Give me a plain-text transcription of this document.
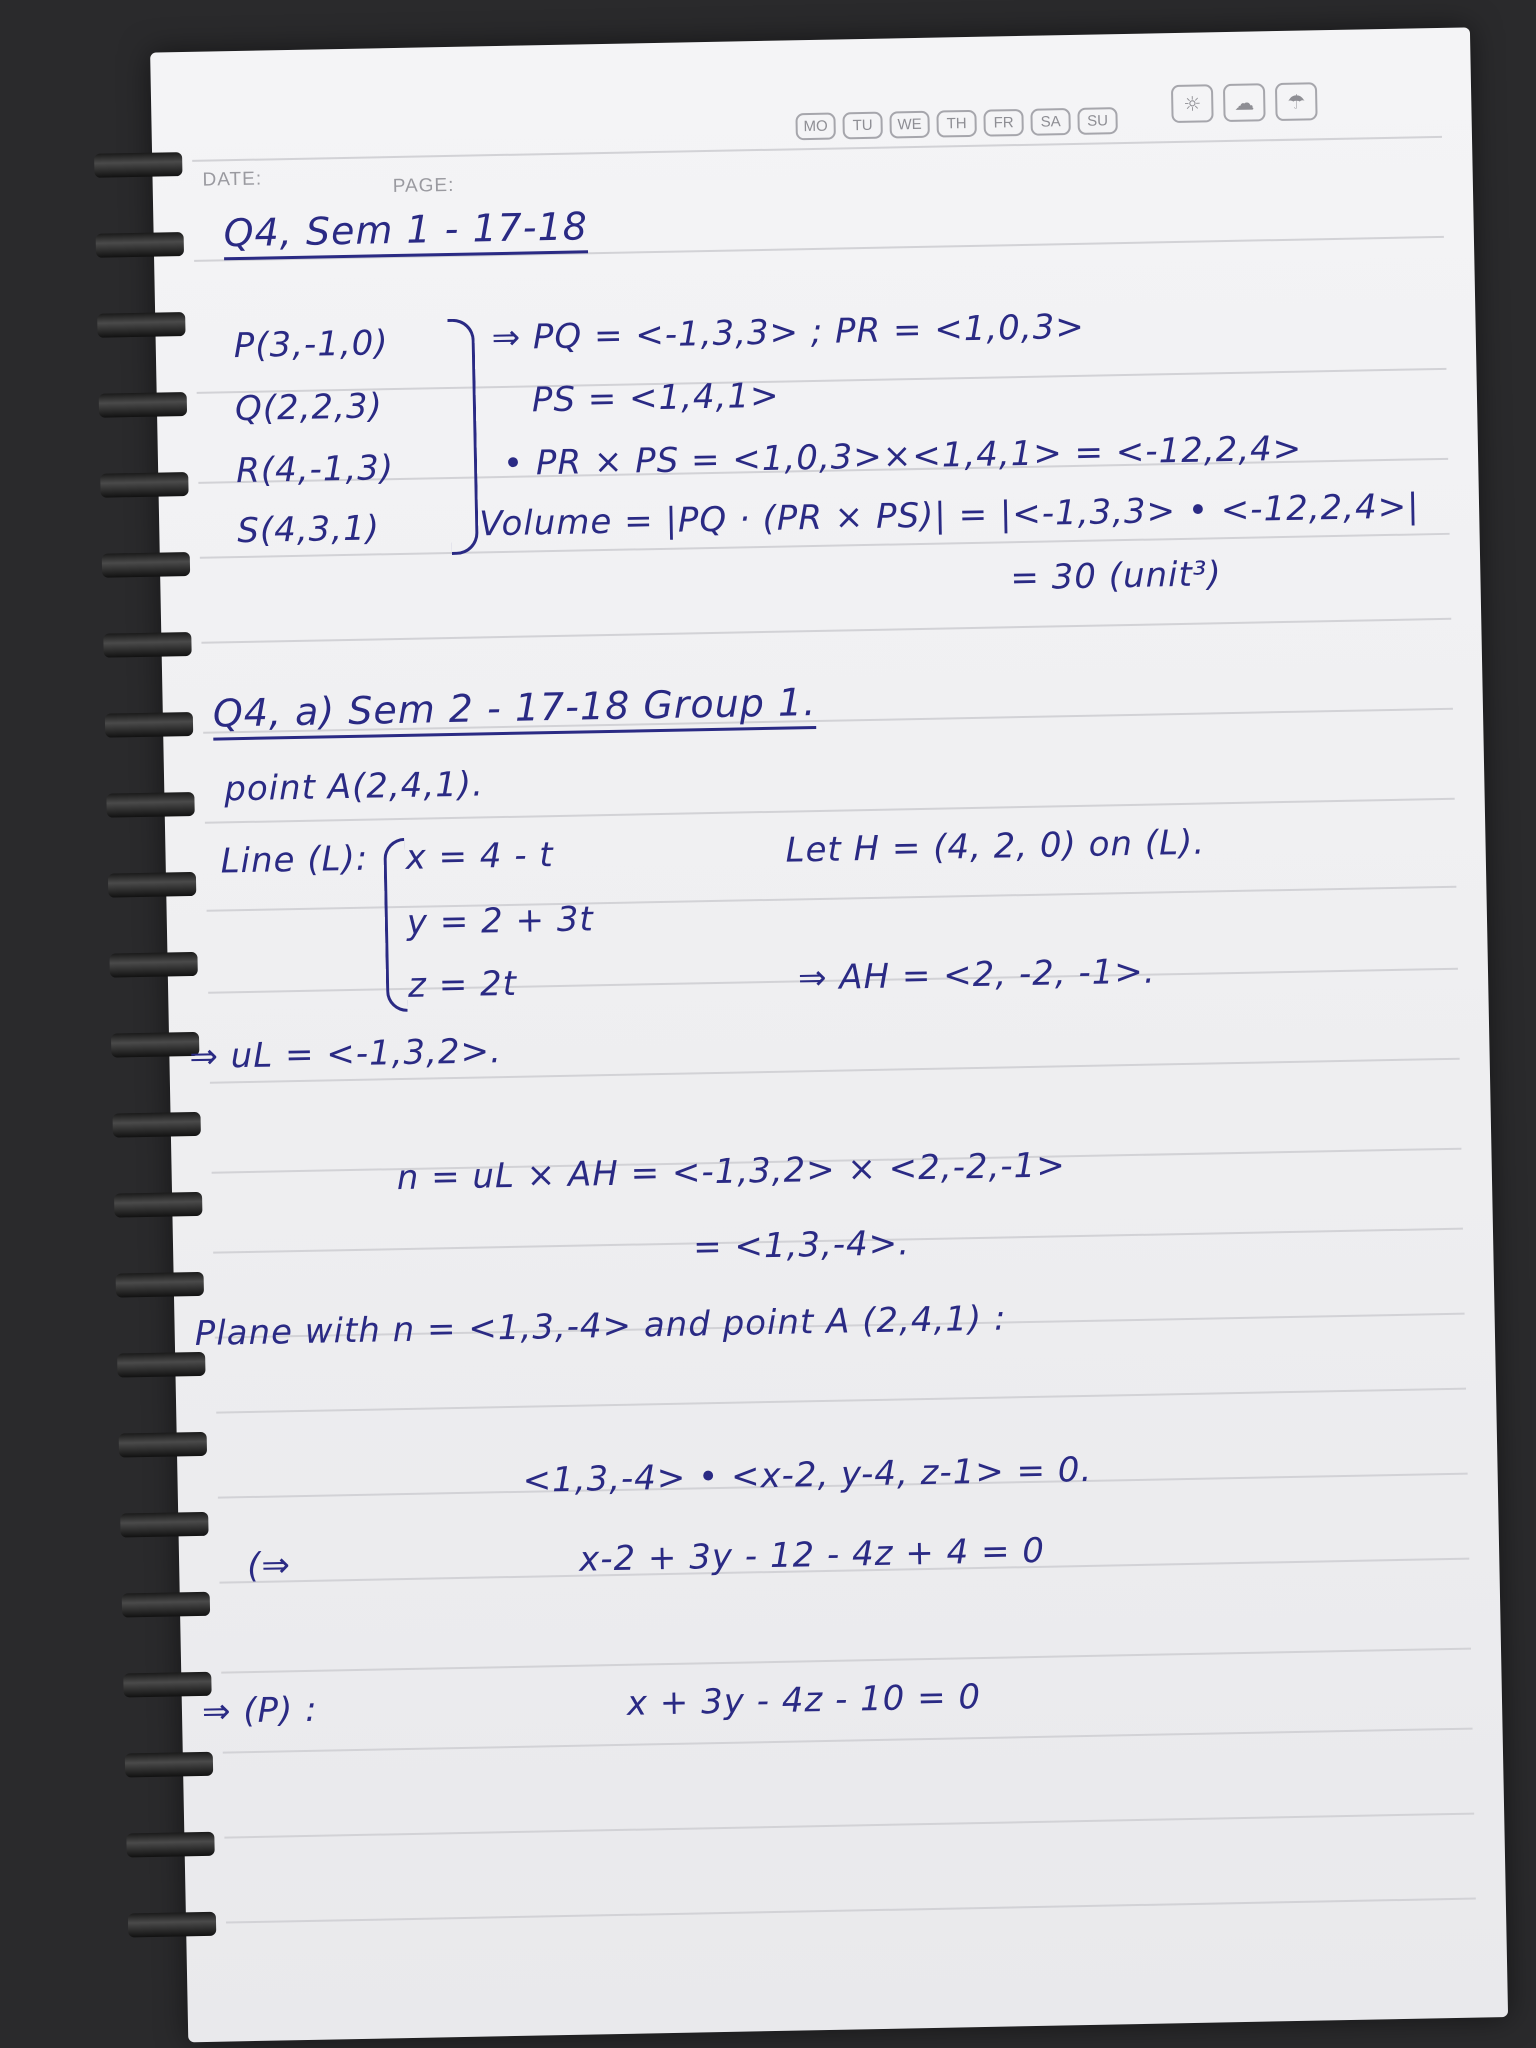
DATE:	PAGE:
MO	TU	WE	TH	FR	SA	SU
☼	☁	☂
Q4, Sem 1 - 17-18
P(3,-1,0)
Q(2,2,3)
R(4,-1,3)
S(4,3,1)
⇒ PQ = <-1,3,3> ; PR = <1,0,3>
PS = <1,4,1>
• PR × PS = <1,0,3>×<1,4,1> = <-12,2,4>
Volume = |PQ · (PR × PS)| = |<-1,3,3> • <-12,2,4>|
= 30 (unit³)
Q4, a) Sem 2 - 17-18 Group 1.
point A(2,4,1).
Line (L): x = 4 - t
y = 2 + 3t
z = 2t
Let H = (4, 2, 0) on (L).
⇒ AH = <2, -2, -1>.
⇒ uL = <-1,3,2>.
n = uL × AH = <-1,3,2> × <2,-2,-1>
= <1,3,-4>.
Plane with n = <1,3,-4> and point A (2,4,1) :
<1,3,-4> • <x-2, y-4, z-1> = 0.
(⇒	x-2 + 3y - 12 - 4z + 4 = 0
⇒ (P) :	x + 3y - 4z - 10 = 0
